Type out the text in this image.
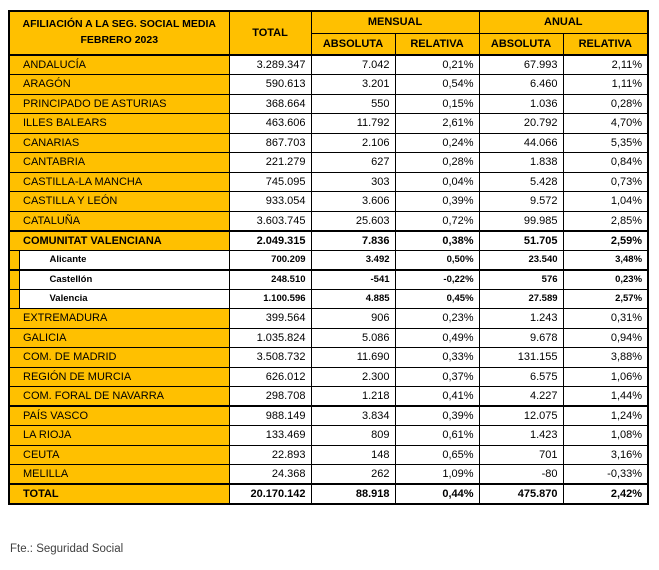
AFILIACIÓN A LA SEG. SOCIAL MEDIA
FEBRERO 2023		TOTAL	MENSUAL		ANUAL	
			ABSOLUTA	RELATIVA	ABSOLUTA	RELATIVA
	ANDALUCÍA	3.289.347	7.042	0,21%	67.993	2,11%
	ARAGÓN	590.613	3.201	0,54%	6.460	1,11%
	PRINCIPADO DE ASTURIAS	368.664	550	0,15%	1.036	0,28%
	ILLES BALEARS	463.606	11.792	2,61%	20.792	4,70%
	CANARIAS	867.703	2.106	0,24%	44.066	5,35%
	CANTABRIA	221.279	627	0,28%	1.838	0,84%
	CASTILLA-LA MANCHA	745.095	303	0,04%	5.428	0,73%
	CASTILLA Y LEÓN	933.054	3.606	0,39%	9.572	1,04%
	CATALUÑA	3.603.745	25.603	0,72%	99.985	2,85%
	COMUNITAT VALENCIANA	2.049.315	7.836	0,38%	51.705	2,59%
	Alicante	700.209	3.492	0,50%	23.540	3,48%
	Castellón	248.510	-541	-0,22%	576	0,23%
	Valencia	1.100.596	4.885	0,45%	27.589	2,57%
	EXTREMADURA	399.564	906	0,23%	1.243	0,31%
	GALICIA	1.035.824	5.086	0,49%	9.678	0,94%
	COM. DE MADRID	3.508.732	11.690	0,33%	131.155	3,88%
	REGIÓN DE MURCIA	626.012	2.300	0,37%	6.575	1,06%
	COM. FORAL DE NAVARRA	298.708	1.218	0,41%	4.227	1,44%
	PAÍS VASCO	988.149	3.834	0,39%	12.075	1,24%
	LA RIOJA	133.469	809	0,61%	1.423	1,08%
	CEUTA	22.893	148	0,65%	701	3,16%
	MELILLA	24.368	262	1,09%	-80	-0,33%
	TOTAL	20.170.142	88.918	0,44%	475.870	2,42%
Fte.: Seguridad Social
